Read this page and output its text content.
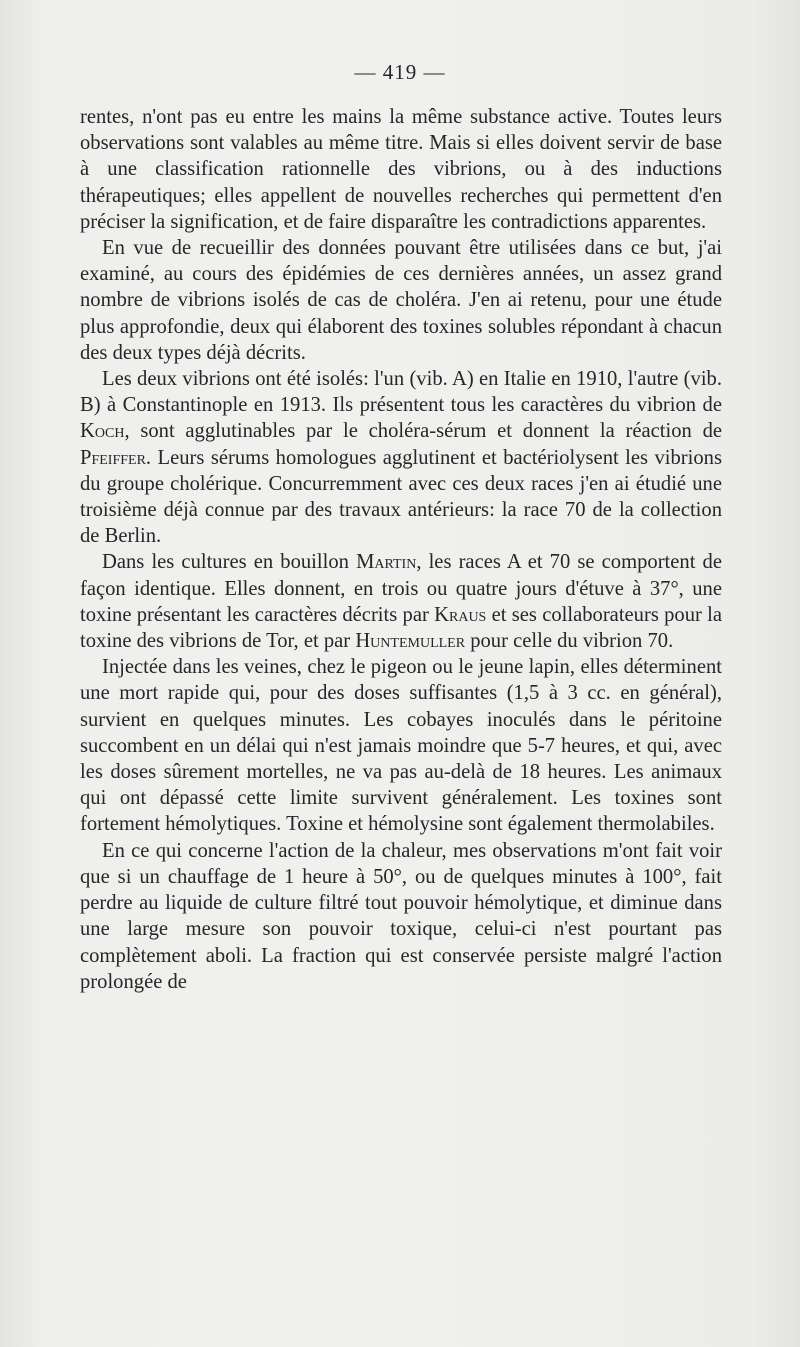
— 419 —

rentes, n'ont pas eu entre les mains la même substance active. Toutes leurs observations sont valables au même titre. Mais si elles doivent servir de base à une classification rationnelle des vibrions, ou à des inductions thérapeutiques; elles appellent de nouvelles recherches qui permettent d'en préciser la signification, et de faire disparaître les contradictions apparentes.

En vue de recueillir des données pouvant être utilisées dans ce but, j'ai examiné, au cours des épidémies de ces dernières années, un assez grand nombre de vibrions isolés de cas de choléra. J'en ai retenu, pour une étude plus approfondie, deux qui élaborent des toxines solubles répondant à chacun des deux types déjà décrits.

Les deux vibrions ont été isolés: l'un (vib. A) en Italie en 1910, l'autre (vib. B) à Constantinople en 1913. Ils présentent tous les caractères du vibrion de Koch, sont agglutinables par le choléra-sérum et donnent la réaction de Pfeiffer. Leurs sérums homologues agglutinent et bactériolysent les vibrions du groupe cholérique. Concurremment avec ces deux races j'en ai étudié une troisième déjà connue par des travaux antérieurs: la race 70 de la collection de Berlin.

Dans les cultures en bouillon Martin, les races A et 70 se comportent de façon identique. Elles donnent, en trois ou quatre jours d'étuve à 37°, une toxine présentant les caractères décrits par Kraus et ses collaborateurs pour la toxine des vibrions de Tor, et par Huntemuller pour celle du vibrion 70.

Injectée dans les veines, chez le pigeon ou le jeune lapin, elles déterminent une mort rapide qui, pour des doses suffisantes (1,5 à 3 cc. en général), survient en quelques minutes. Les cobayes inoculés dans le péritoine succombent en un délai qui n'est jamais moindre que 5-7 heures, et qui, avec les doses sûrement mortelles, ne va pas au-delà de 18 heures. Les animaux qui ont dépassé cette limite survivent généralement. Les toxines sont fortement hémolytiques. Toxine et hémolysine sont également thermolabiles.

En ce qui concerne l'action de la chaleur, mes observations m'ont fait voir que si un chauffage de 1 heure à 50°, ou de quelques minutes à 100°, fait perdre au liquide de culture filtré tout pouvoir hémolytique, et diminue dans une large mesure son pouvoir toxique, celui-ci n'est pourtant pas complètement aboli. La fraction qui est conservée persiste malgré l'action prolongée de
